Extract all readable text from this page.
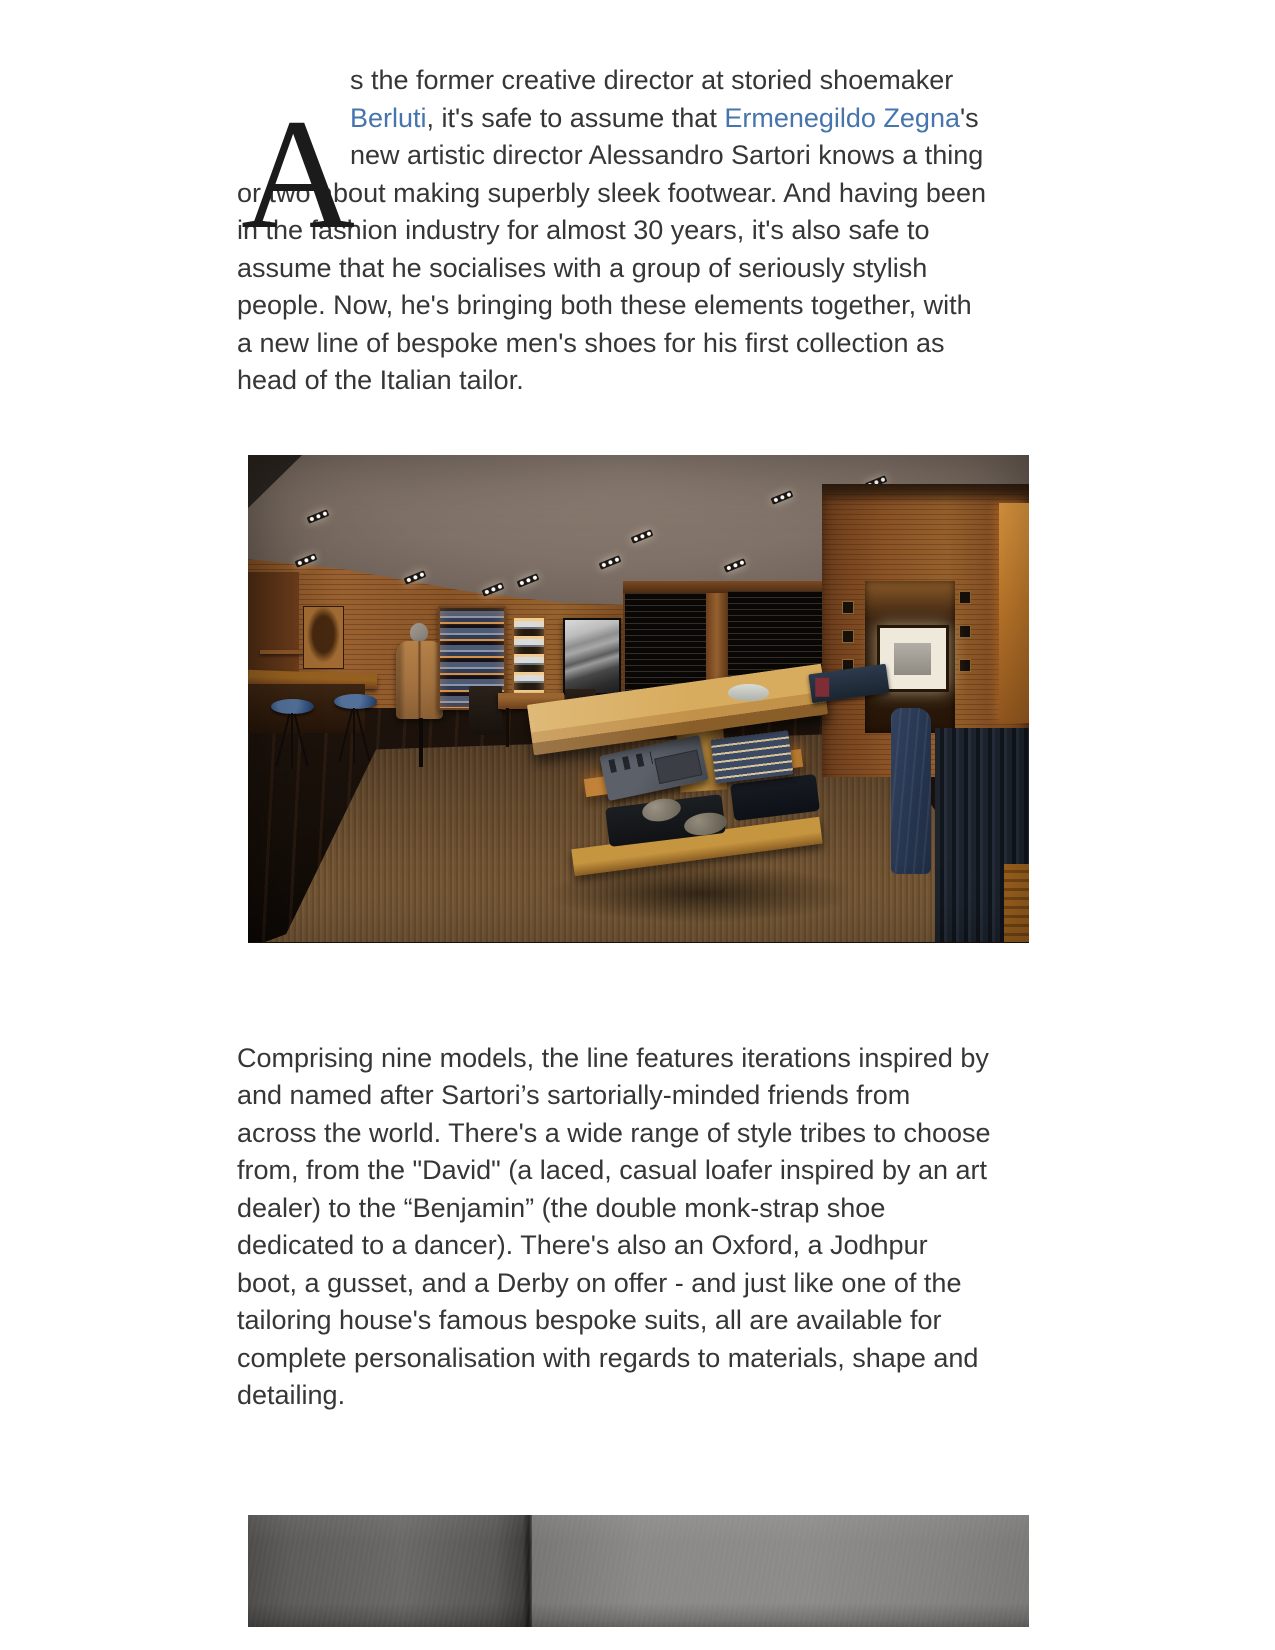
A
s the former creative director at storied shoemaker Berluti, it's safe to assume that Ermenegildo Zegna's new artistic director Alessandro Sartori knows a thing or two about making superbly sleek footwear. And having been in the fashion industry for almost 30 years, it's also safe to assume that he socialises with a group of seriously stylish people. Now, he's bringing both these elements together, with a new line of bespoke men's shoes for his first collection as head of the Italian tailor.
Comprising nine models, the line features iterations inspired by and named after Sartori’s sartorially-minded friends from across the world. There's a wide range of style tribes to choose from, from the "David" (a laced, casual loafer inspired by an art dealer) to the “Benjamin” (the double monk-strap shoe dedicated to a dancer). There's also an Oxford, a Jodhpur boot, a gusset, and a Derby on offer - and just like one of the tailoring house's famous bespoke suits, all are available for complete personalisation with regards to materials, shape and detailing.
